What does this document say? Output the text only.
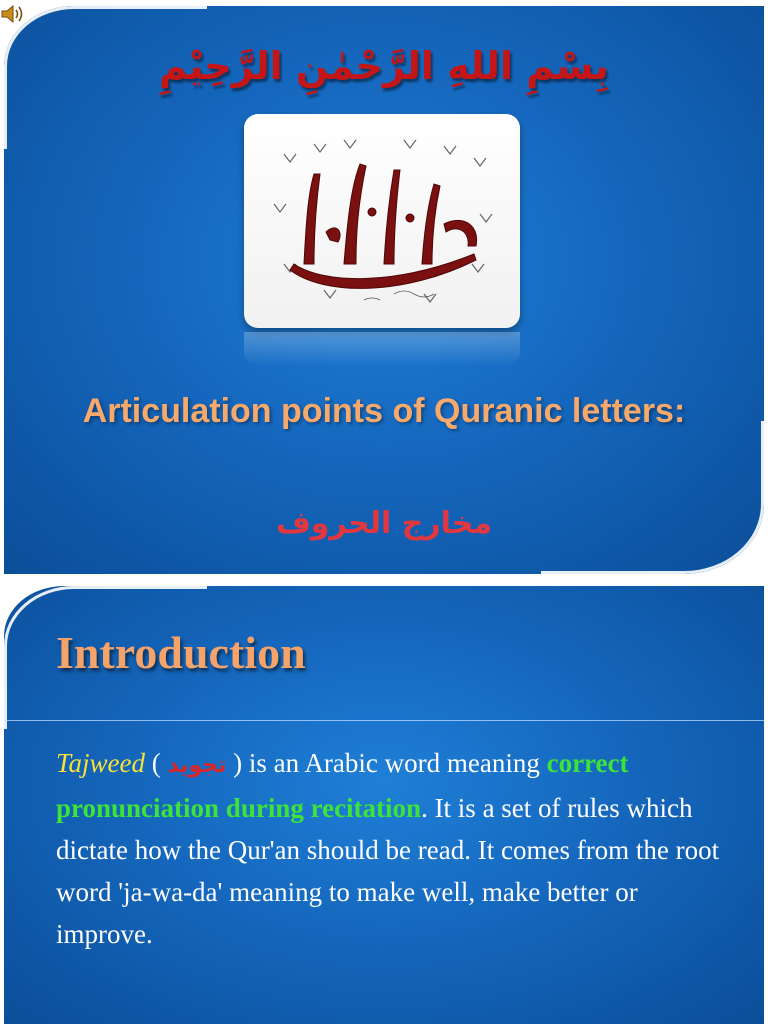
بِسْمِ اللهِ الرَّحْمٰنِ الرَّحِيْمِ
Articulation points of Quranic letters:
مخارج الحروف
Introduction

Tajweed ( تجويد ) is an Arabic word meaning correct pronunciation during recitation. It is a set of rules which dictate how the Qur'an should be read. It comes from the root word 'ja-wa-da' meaning to make well, make better or improve.
